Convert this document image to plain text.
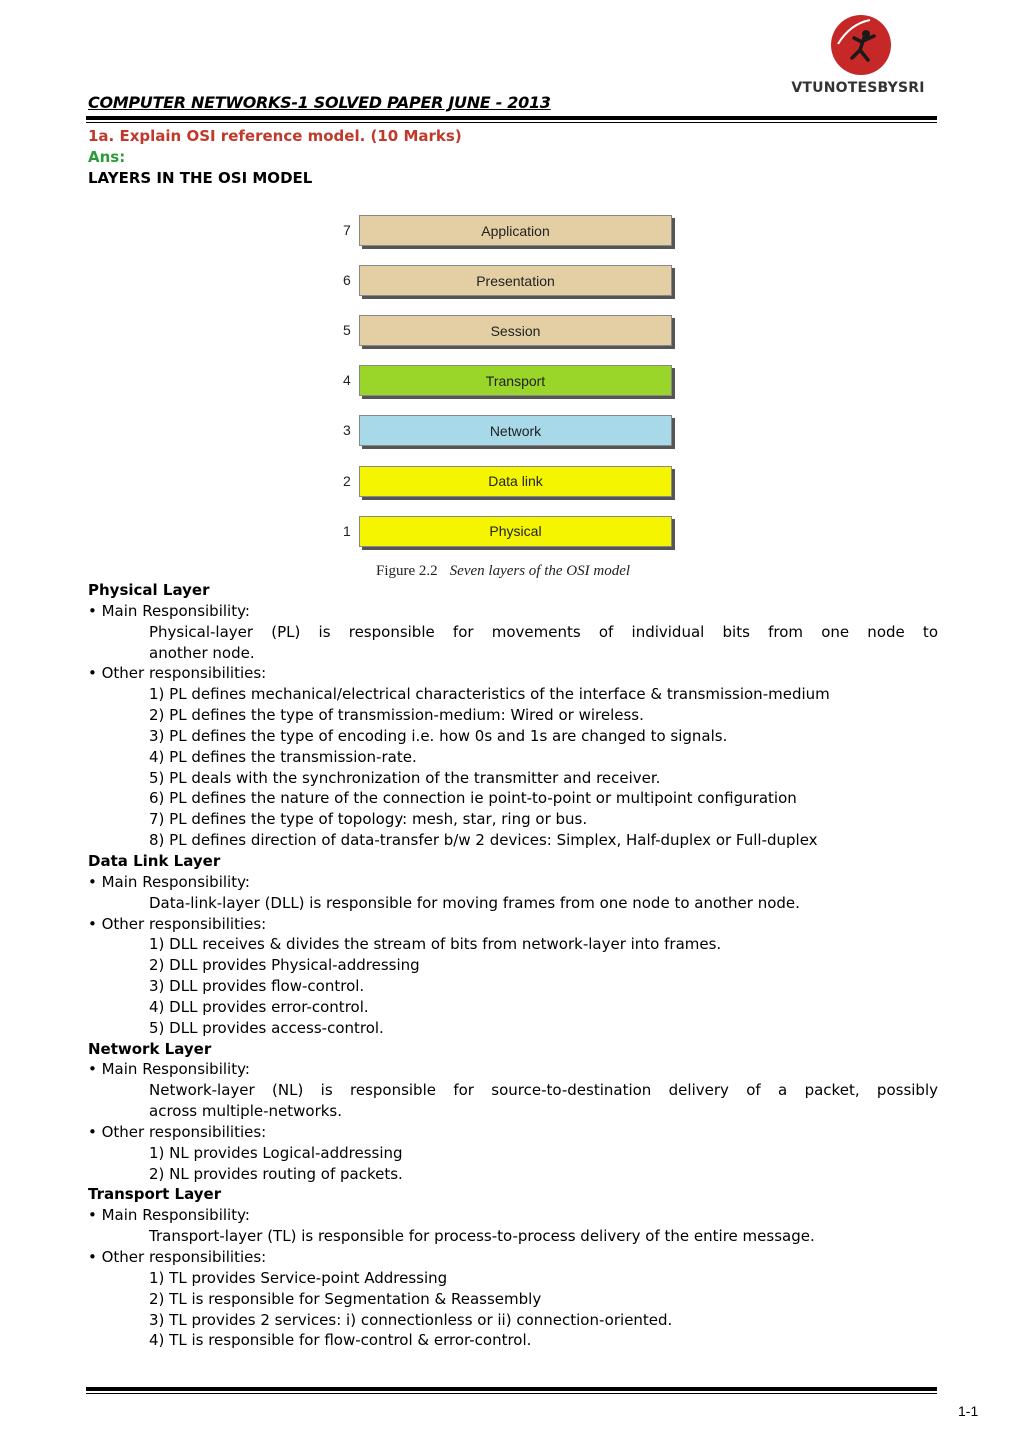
COMPUTER NETWORKS-1 SOLVED PAPER JUNE - 2013
VTUNOTESBYSRI
1a. Explain OSI reference model. (10 Marks)
Ans:
LAYERS IN THE OSI MODEL
7	Application
6	Presentation
5	Session
4	Transport
3	Network
2	Data link
1	Physical
Figure 2.2 Seven layers of the OSI model
Physical Layer
• Main Responsibility:
Physical-layer (PL) is responsible for movements of individual bits from one node to
another node.
• Other responsibilities:
1) PL defines mechanical/electrical characteristics of the interface & transmission-medium
2) PL defines the type of transmission-medium: Wired or wireless.
3) PL defines the type of encoding i.e. how 0s and 1s are changed to signals.
4) PL defines the transmission-rate.
5) PL deals with the synchronization of the transmitter and receiver.
6) PL defines the nature of the connection ie point-to-point or multipoint configuration
7) PL defines the type of topology: mesh, star, ring or bus.
8) PL defines direction of data-transfer b/w 2 devices: Simplex, Half-duplex or Full-duplex
Data Link Layer
• Main Responsibility:
Data-link-layer (DLL) is responsible for moving frames from one node to another node.
• Other responsibilities:
1) DLL receives & divides the stream of bits from network-layer into frames.
2) DLL provides Physical-addressing
3) DLL provides flow-control.
4) DLL provides error-control.
5) DLL provides access-control.
Network Layer
• Main Responsibility:
Network-layer (NL) is responsible for source-to-destination delivery of a packet, possibly
across multiple-networks.
• Other responsibilities:
1) NL provides Logical-addressing
2) NL provides routing of packets.
Transport Layer
• Main Responsibility:
Transport-layer (TL) is responsible for process-to-process delivery of the entire message.
• Other responsibilities:
1) TL provides Service-point Addressing
2) TL is responsible for Segmentation & Reassembly
3) TL provides 2 services: i) connectionless or ii) connection-oriented.
4) TL is responsible for flow-control & error-control.
1-1
